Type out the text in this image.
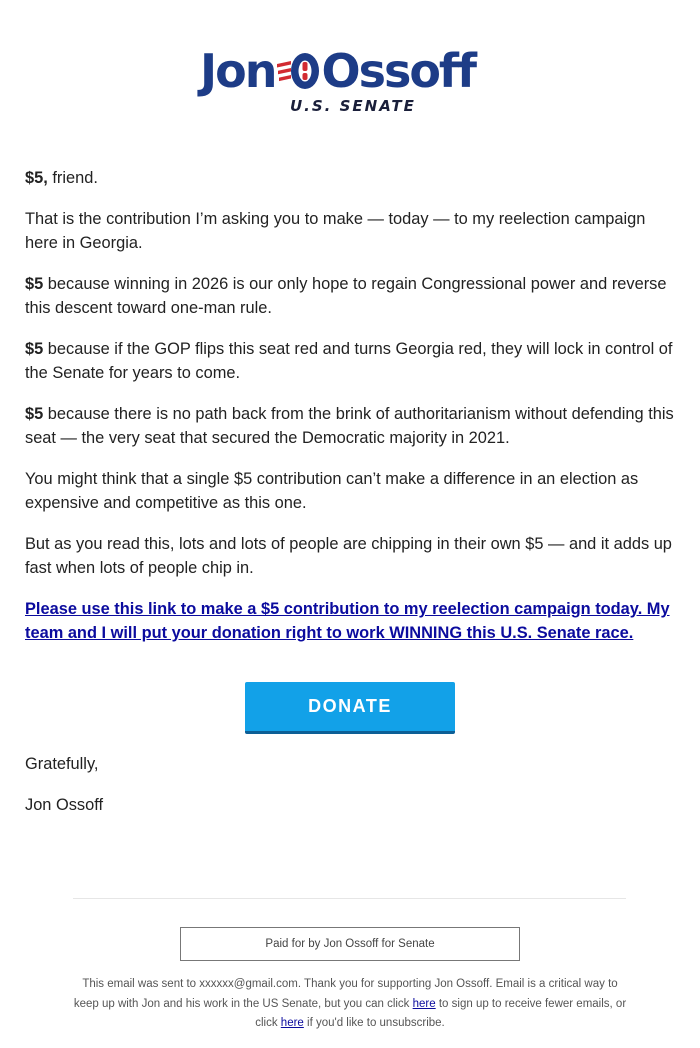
Jon Ossoff
U.S. SENATE

$5, friend.

That is the contribution I’m asking you to make — today — to my reelection campaign here in Georgia.

$5 because winning in 2026 is our only hope to regain Congressional power and reverse this descent toward one-man rule.

$5 because if the GOP flips this seat red and turns Georgia red, they will lock in control of the Senate for years to come.

$5 because there is no path back from the brink of authoritarianism without defending this seat — the very seat that secured the Democratic majority in 2021.

You might think that a single $5 contribution can’t make a difference in an election as expensive and competitive as this one.

But as you read this, lots and lots of people are chipping in their own $5 — and it adds up fast when lots of people chip in.

Please use this link to make a $5 contribution to my reelection campaign today. My team and I will put your donation right to work WINNING this U.S. Senate race.

DONATE

Gratefully,

Jon Ossoff

Paid for by Jon Ossoff for Senate
This email was sent to xxxxxx@gmail.com. Thank you for supporting Jon Ossoff. Email is a critical way to keep up with Jon and his work in the US Senate, but you can click here to sign up to receive fewer emails, or click here if you'd like to unsubscribe.
